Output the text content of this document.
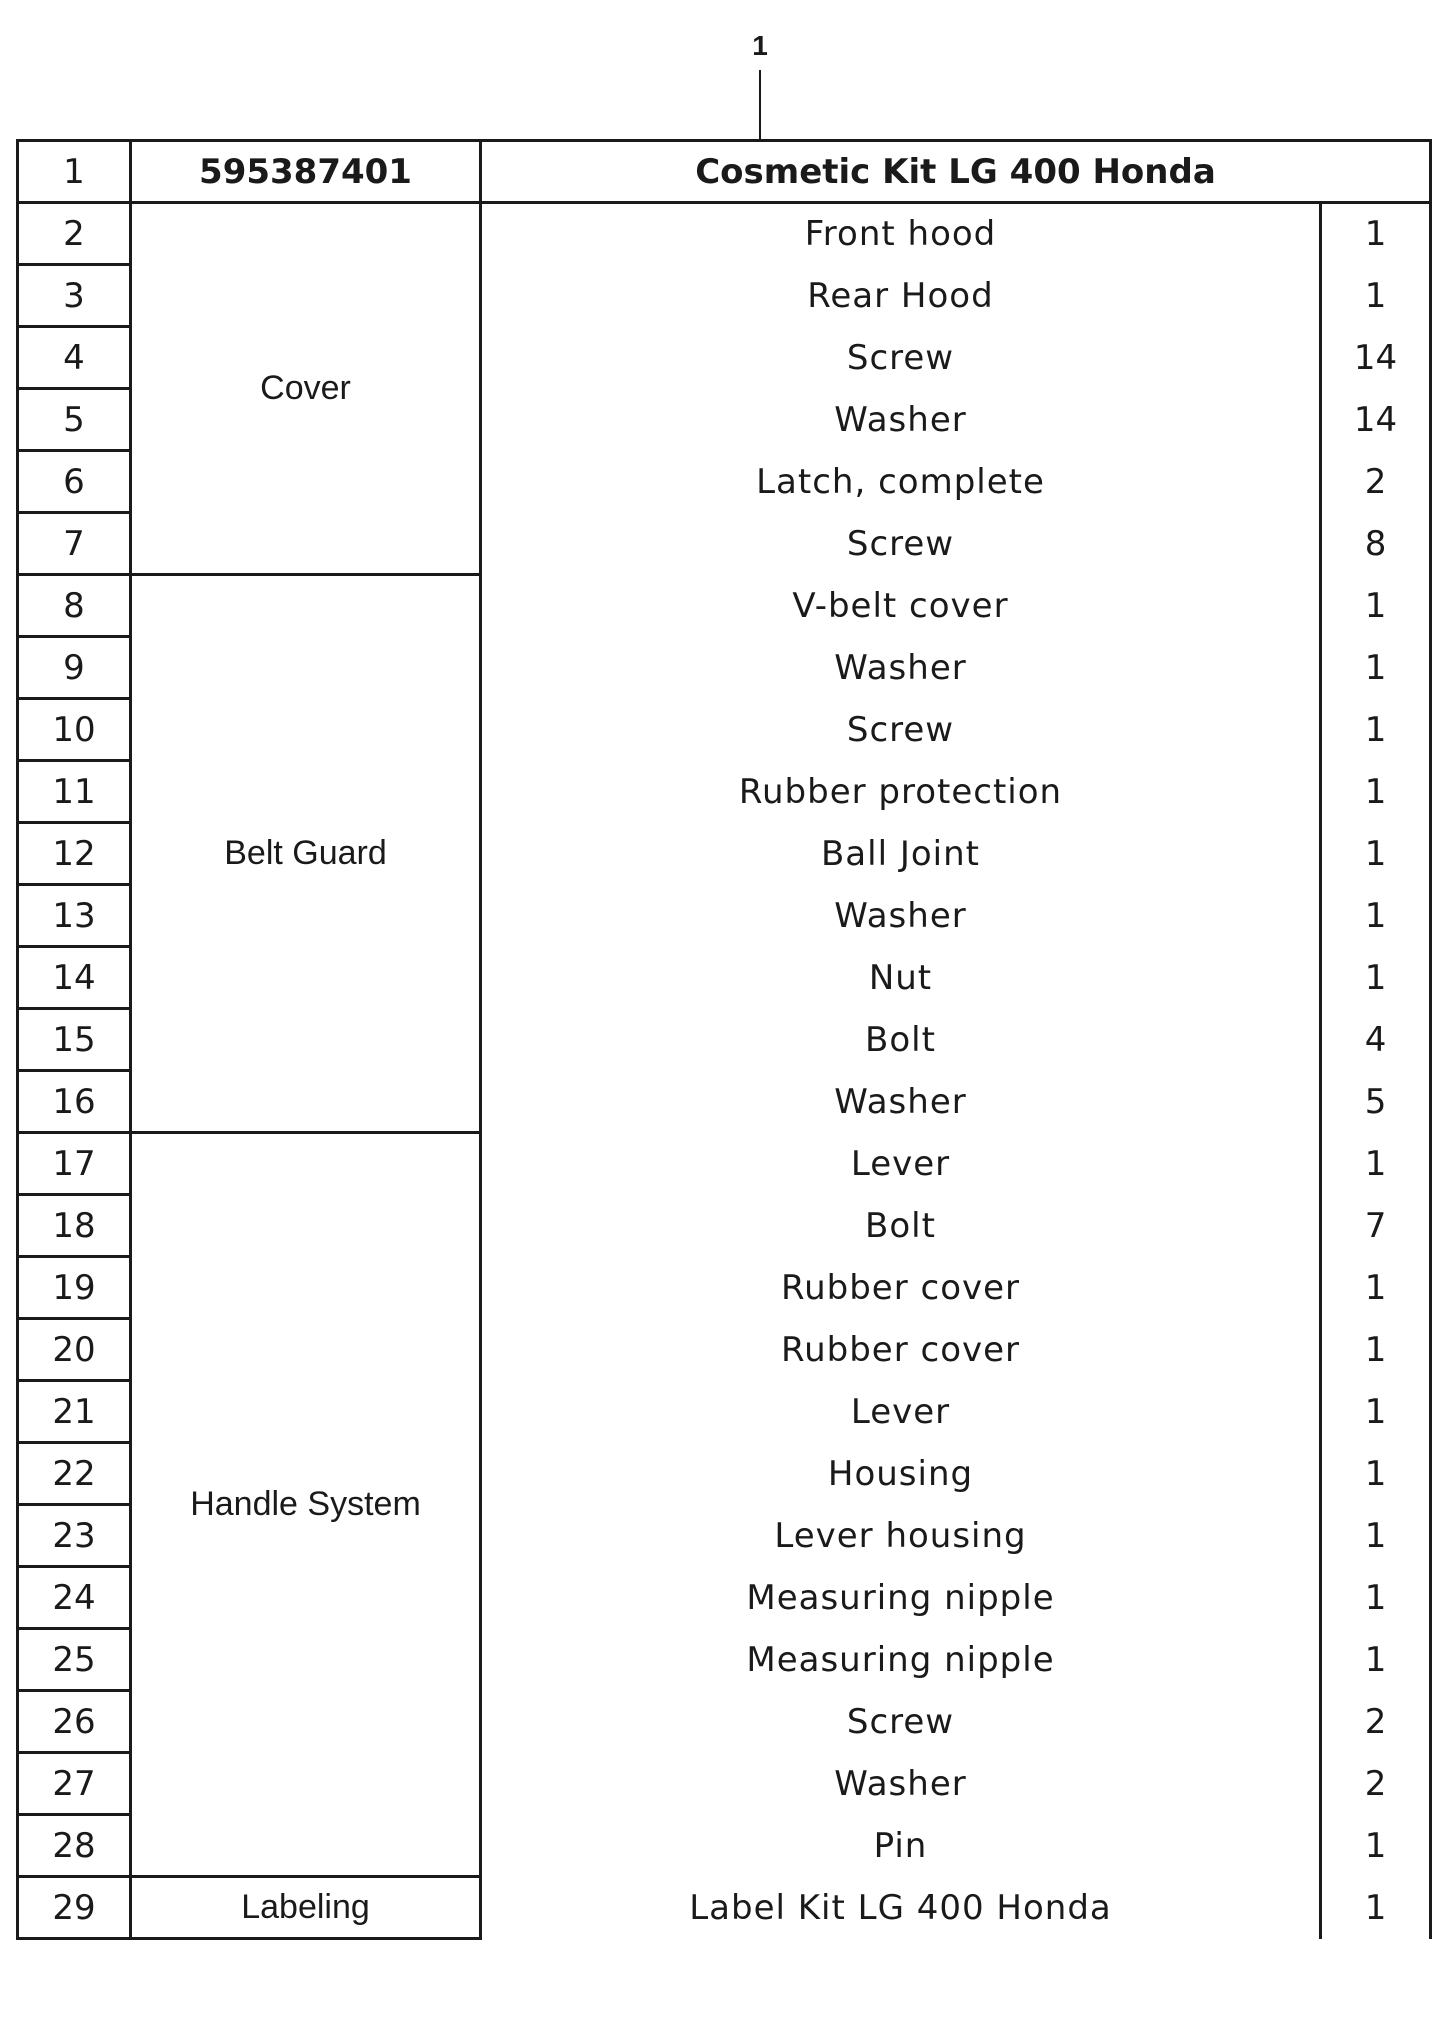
1
1	595387401	Cosmetic Kit LG 400 Honda	
2	Cover	Front hood	1
3		Rear Hood	1
4		Screw	14
5		Washer	14
6		Latch, complete	2
7		Screw	8
8	Belt Guard	V-belt cover	1
9		Washer	1
10		Screw	1
11		Rubber protection	1
12		Ball Joint	1
13		Washer	1
14		Nut	1
15		Bolt	4
16		Washer	5
17	Handle System	Lever	1
18		Bolt	7
19		Rubber cover	1
20		Rubber cover	1
21		Lever	1
22		Housing	1
23		Lever housing	1
24		Measuring nipple	1
25		Measuring nipple	1
26		Screw	2
27		Washer	2
28		Pin	1
29	Labeling	Label Kit LG 400 Honda	1
